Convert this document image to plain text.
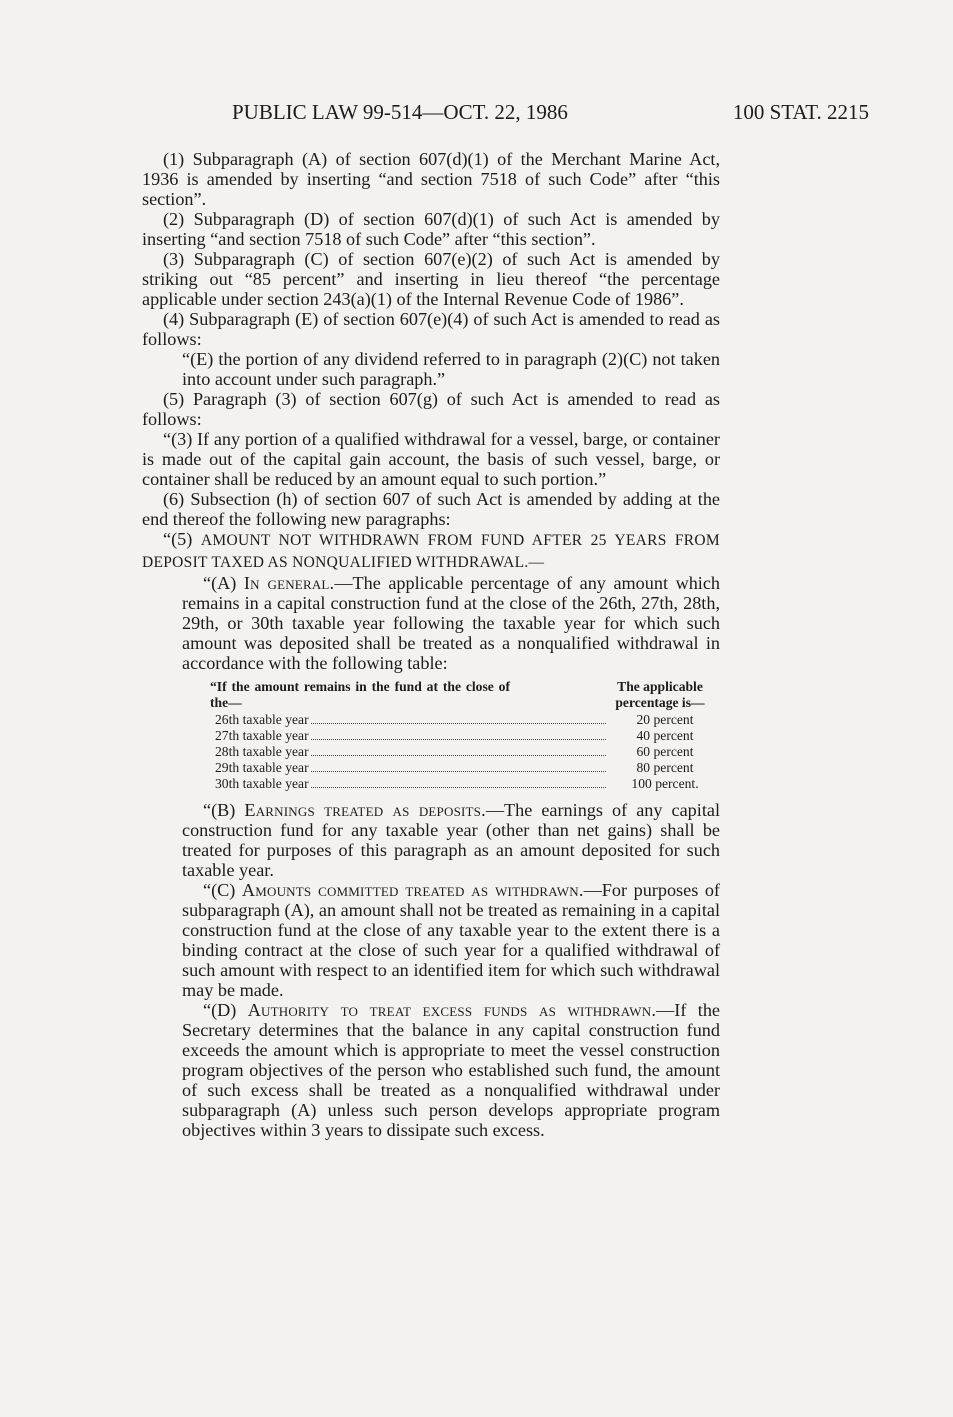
PUBLIC LAW 99-514—OCT. 22, 1986	100 STAT. 2215

(1) Subparagraph (A) of section 607(d)(1) of the Merchant Marine Act, 1936 is amended by inserting “and section 7518 of such Code” after “this section”.

(2) Subparagraph (D) of section 607(d)(1) of such Act is amended by inserting “and section 7518 of such Code” after “this section”.

(3) Subparagraph (C) of section 607(e)(2) of such Act is amended by striking out “85 percent” and inserting in lieu thereof “the percentage applicable under section 243(a)(1) of the Internal Revenue Code of 1986”.

(4) Subparagraph (E) of section 607(e)(4) of such Act is amended to read as follows:

“(E) the portion of any dividend referred to in paragraph (2)(C) not taken into account under such paragraph.”

(5) Paragraph (3) of section 607(g) of such Act is amended to read as follows:

“(3) If any portion of a qualified withdrawal for a vessel, barge, or container is made out of the capital gain account, the basis of such vessel, barge, or container shall be reduced by an amount equal to such portion.”

(6) Subsection (h) of section 607 of such Act is amended by adding at the end thereof the following new paragraphs:

“(5) AMOUNT NOT WITHDRAWN FROM FUND AFTER 25 YEARS FROM DEPOSIT TAXED AS NONQUALIFIED WITHDRAWAL.—

“(A) In general.—The applicable percentage of any amount which remains in a capital construction fund at the close of the 26th, 27th, 28th, 29th, or 30th taxable year following the taxable year for which such amount was deposited shall be treated as a nonqualified withdrawal in accordance with the following table:

“If the amount remains in the fund at the close of the—
The applicable percentage is—
26th taxable year	20 percent
27th taxable year	40 percent
28th taxable year	60 percent
29th taxable year	80 percent
30th taxable year	100 percent.

“(B) Earnings treated as deposits.—The earnings of any capital construction fund for any taxable year (other than net gains) shall be treated for purposes of this paragraph as an amount deposited for such taxable year.

“(C) Amounts committed treated as withdrawn.—For purposes of subparagraph (A), an amount shall not be treated as remaining in a capital construction fund at the close of any taxable year to the extent there is a binding contract at the close of such year for a qualified withdrawal of such amount with respect to an identified item for which such withdrawal may be made.

“(D) Authority to treat excess funds as withdrawn.—If the Secretary determines that the balance in any capital construction fund exceeds the amount which is appropriate to meet the vessel construction program objectives of the person who established such fund, the amount of such excess shall be treated as a nonqualified withdrawal under subparagraph (A) unless such person develops appropriate program objectives within 3 years to dissipate such excess.
